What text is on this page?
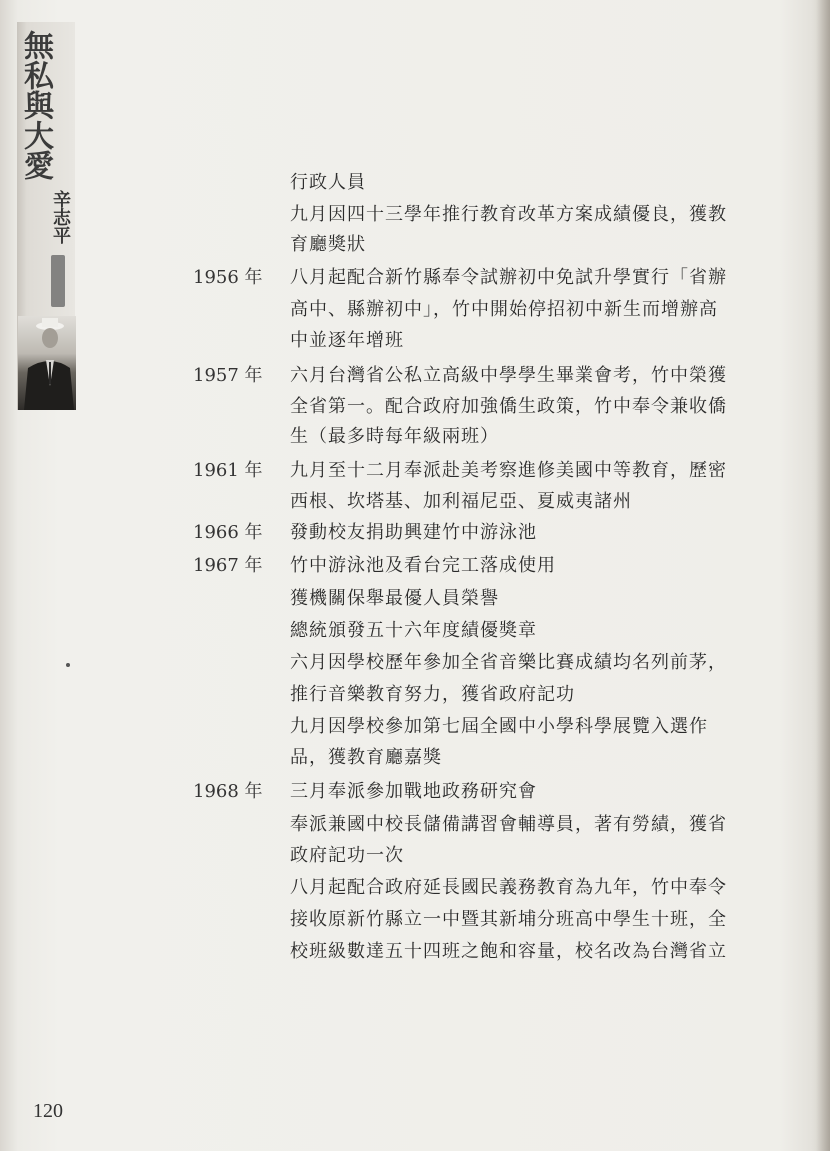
無私與大愛
辛志平
行政人員
九月因四十三學年推行教育改革方案成績優良，獲教
育廳獎狀
1956 年	八月起配合新竹縣奉令試辦初中免試升學實行「省辦
高中、縣辦初中」，竹中開始停招初中新生而增辦高
中並逐年增班
1957 年	六月台灣省公私立高級中學學生畢業會考，竹中榮獲
全省第一。配合政府加強僑生政策，竹中奉令兼收僑
生（最多時每年級兩班）
1961 年	九月至十二月奉派赴美考察進修美國中等教育，歷密
西根、坎塔基、加利福尼亞、夏威夷諸州
1966 年	發動校友捐助興建竹中游泳池
1967 年	竹中游泳池及看台完工落成使用
獲機關保舉最優人員榮譽
總統頒發五十六年度績優獎章
六月因學校歷年參加全省音樂比賽成績均名列前茅，
推行音樂教育努力，獲省政府記功
九月因學校參加第七屆全國中小學科學展覽入選作
品，獲教育廳嘉獎
1968 年	三月奉派參加戰地政務研究會
奉派兼國中校長儲備講習會輔導員，著有勞績，獲省
政府記功一次
八月起配合政府延長國民義務教育為九年，竹中奉令
接收原新竹縣立一中暨其新埔分班高中學生十班，全
校班級數達五十四班之飽和容量，校名改為台灣省立
120
